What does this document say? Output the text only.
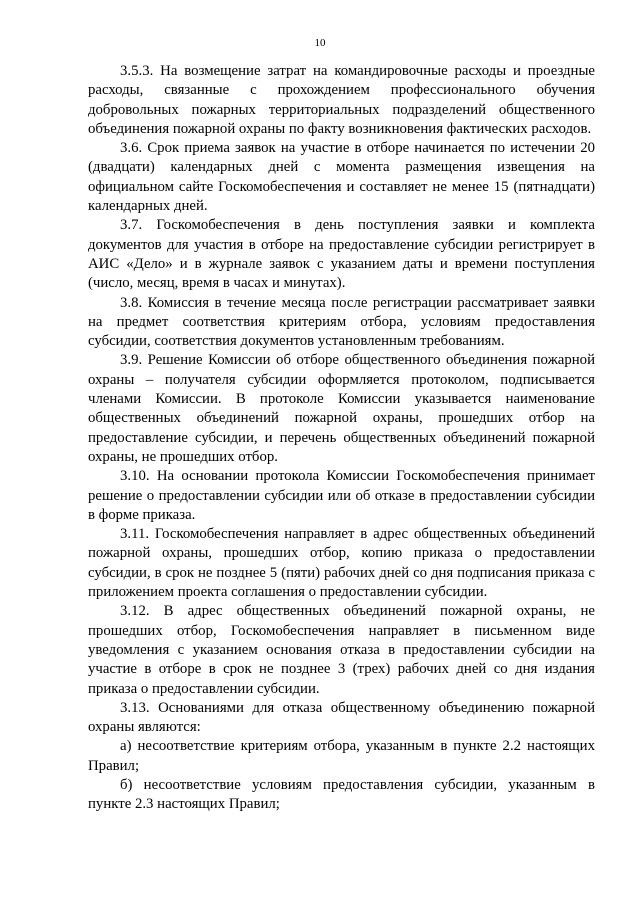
10

3.5.3. На возмещение затрат на командировочные расходы и проездные расходы, связанные с прохождением профессионального обучения добровольных пожарных территориальных подразделений общественного объединения пожарной охраны по факту возникновения фактических расходов.

3.6. Срок приема заявок на участие в отборе начинается по истечении 20 (двадцати) календарных дней с момента размещения извещения на официальном сайте Госкомобеспечения и составляет не менее 15 (пятнадцати) календарных дней.

3.7. Госкомобеспечения в день поступления заявки и комплекта документов для участия в отборе на предоставление субсидии регистрирует в АИС «Дело» и в журнале заявок с указанием даты и времени поступления (число, месяц, время в часах и минутах).

3.8. Комиссия в течение месяца после регистрации рассматривает заявки на предмет соответствия критериям отбора, условиям предоставления субсидии, соответствия документов установленным требованиям.

3.9. Решение Комиссии об отборе общественного объединения пожарной охраны – получателя субсидии оформляется протоколом, подписывается членами Комиссии. В протоколе Комиссии указывается наименование общественных объединений пожарной охраны, прошедших отбор на предоставление субсидии, и перечень общественных объединений пожарной охраны, не прошедших отбор.

3.10. На основании протокола Комиссии Госкомобеспечения принимает решение о предоставлении субсидии или об отказе в предоставлении субсидии в форме приказа.

3.11. Госкомобеспечения направляет в адрес общественных объединений пожарной охраны, прошедших отбор, копию приказа о предоставлении субсидии, в срок не позднее 5 (пяти) рабочих дней со дня подписания приказа с приложением проекта соглашения о предоставлении субсидии.

3.12. В адрес общественных объединений пожарной охраны, не прошедших отбор, Госкомобеспечения направляет в письменном виде уведомления с указанием основания отказа в предоставлении субсидии на участие в отборе в срок не позднее 3 (трех) рабочих дней со дня издания приказа о предоставлении субсидии.

3.13. Основаниями для отказа общественному объединению пожарной охраны являются:

а) несоответствие критериям отбора, указанным в пункте 2.2 настоящих Правил;

б) несоответствие условиям предоставления субсидии, указанным в пункте 2.3 настоящих Правил;
